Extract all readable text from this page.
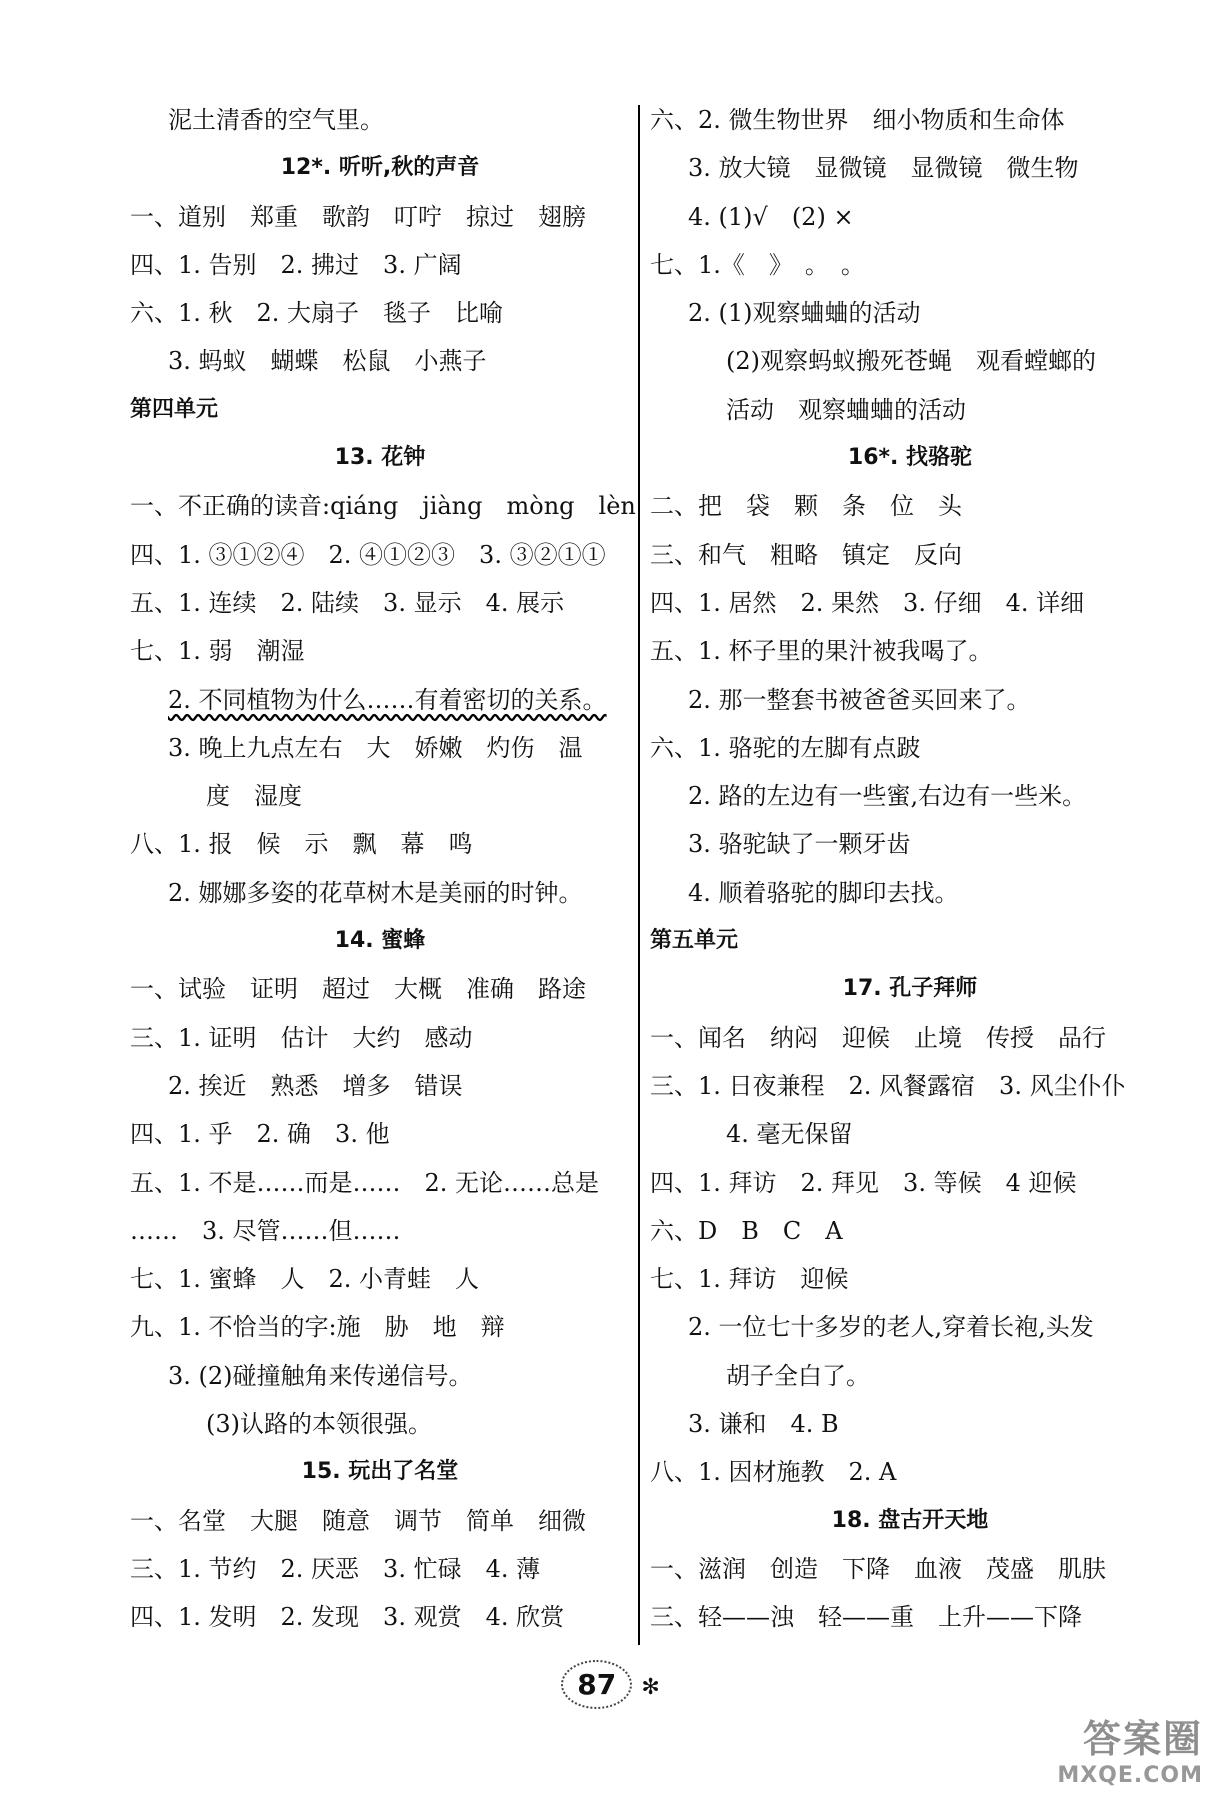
泥土清香的空气里。
12*. 听听,秋的声音
一、道别　郑重　歌韵　叮咛　掠过　翅膀
四、1. 告别　2. 拂过　3. 广阔
六、1. 秋　2. 大扇子　毯子　比喻
3. 蚂蚁　蝴蝶　松鼠　小燕子
第四单元
13. 花钟
一、不正确的读音:qiáng　jiàng　mòng　lèn
四、1. ③①②④　2. ④①②③　3. ③②①①
五、1. 连续　2. 陆续　3. 显示　4. 展示
七、1. 弱　潮湿
2. 不同植物为什么……有着密切的关系。
3. 晚上九点左右　大　娇嫩　灼伤　温
度　湿度
八、1. 报　候　示　飘　幕　鸣
2. 娜娜多姿的花草树木是美丽的时钟。
14. 蜜蜂
一、试验　证明　超过　大概　准确　路途
三、1. 证明　估计　大约　感动
2. 挨近　熟悉　增多　错误
四、1. 乎　2. 确　3. 他
五、1. 不是……而是……　2. 无论……总是
……　3. 尽管……但……
七、1. 蜜蜂　人　2. 小青蛙　人
九、1. 不恰当的字:施　胁　地　辩
3. (2)碰撞触角来传递信号。
(3)认路的本领很强。
15. 玩出了名堂
一、名堂　大腿　随意　调节　简单　细微
三、1. 节约　2. 厌恶　3. 忙碌　4. 薄
四、1. 发明　2. 发现　3. 观赏　4. 欣赏
六、2. 微生物世界　细小物质和生命体
3. 放大镜　显微镜　显微镜　微生物
4. (1)√　(2) ×
七、1.《　》　。　。
2. (1)观察蛐蛐的活动
(2)观察蚂蚁搬死苍蝇　观看螳螂的
活动　观察蛐蛐的活动
16*. 找骆驼
二、把　袋　颗　条　位　头
三、和气　粗略　镇定　反向
四、1. 居然　2. 果然　3. 仔细　4. 详细
五、1. 杯子里的果汁被我喝了。
2. 那一整套书被爸爸买回来了。
六、1. 骆驼的左脚有点跛
2. 路的左边有一些蜜,右边有一些米。
3. 骆驼缺了一颗牙齿
4. 顺着骆驼的脚印去找。
第五单元
17. 孔子拜师
一、闻名　纳闷　迎候　止境　传授　品行
三、1. 日夜兼程　2. 风餐露宿　3. 风尘仆仆
4. 毫无保留
四、1. 拜访　2. 拜见　3. 等候　4 迎候
六、D　B　C　A
七、1. 拜访　迎候
2. 一位七十多岁的老人,穿着长袍,头发
胡子全白了。
3. 谦和　4. B
八、1. 因材施教　2. A
18. 盘古开天地
一、滋润　创造　下降　血液　茂盛　肌肤
三、轻——浊　轻——重　上升——下降
87 ✻
答案圈
MXQE.COM
